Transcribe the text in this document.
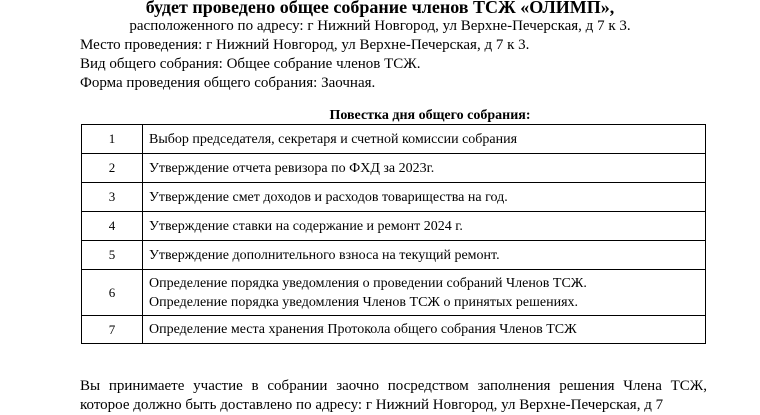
будет проведено общее собрание членов ТСЖ «ОЛИМП»,
расположенного по адресу: г Нижний Новгород, ул Верхне-Печерская, д 7 к 3.
Место проведения: г Нижний Новгород, ул Верхне-Печерская, д 7 к 3.
Вид общего собрания: Общее собрание членов ТСЖ.
Форма проведения общего собрания: Заочная.
Повестка дня общего собрания:
1	Выбор председателя, секретаря и счетной комиссии собрания
2	Утверждение отчета ревизора по ФХД за 2023г.
3	Утверждение смет доходов и расходов товарищества на год.
4	Утверждение ставки на содержание и ремонт 2024 г.
5	Утверждение дополнительного взноса на текущий ремонт.
6	Определение порядка уведомления о проведении собраний Членов ТСЖ.
Определение порядка уведомления Членов ТСЖ о принятых решениях.

7	Определение места хранения Протокола общего собрания Членов ТСЖ
Вы принимаете участие в собрании заочно посредством заполнения решения Члена ТСЖ,
которое должно быть доставлено по адресу: г Нижний Новгород, ул Верхне-Печерская, д 7
